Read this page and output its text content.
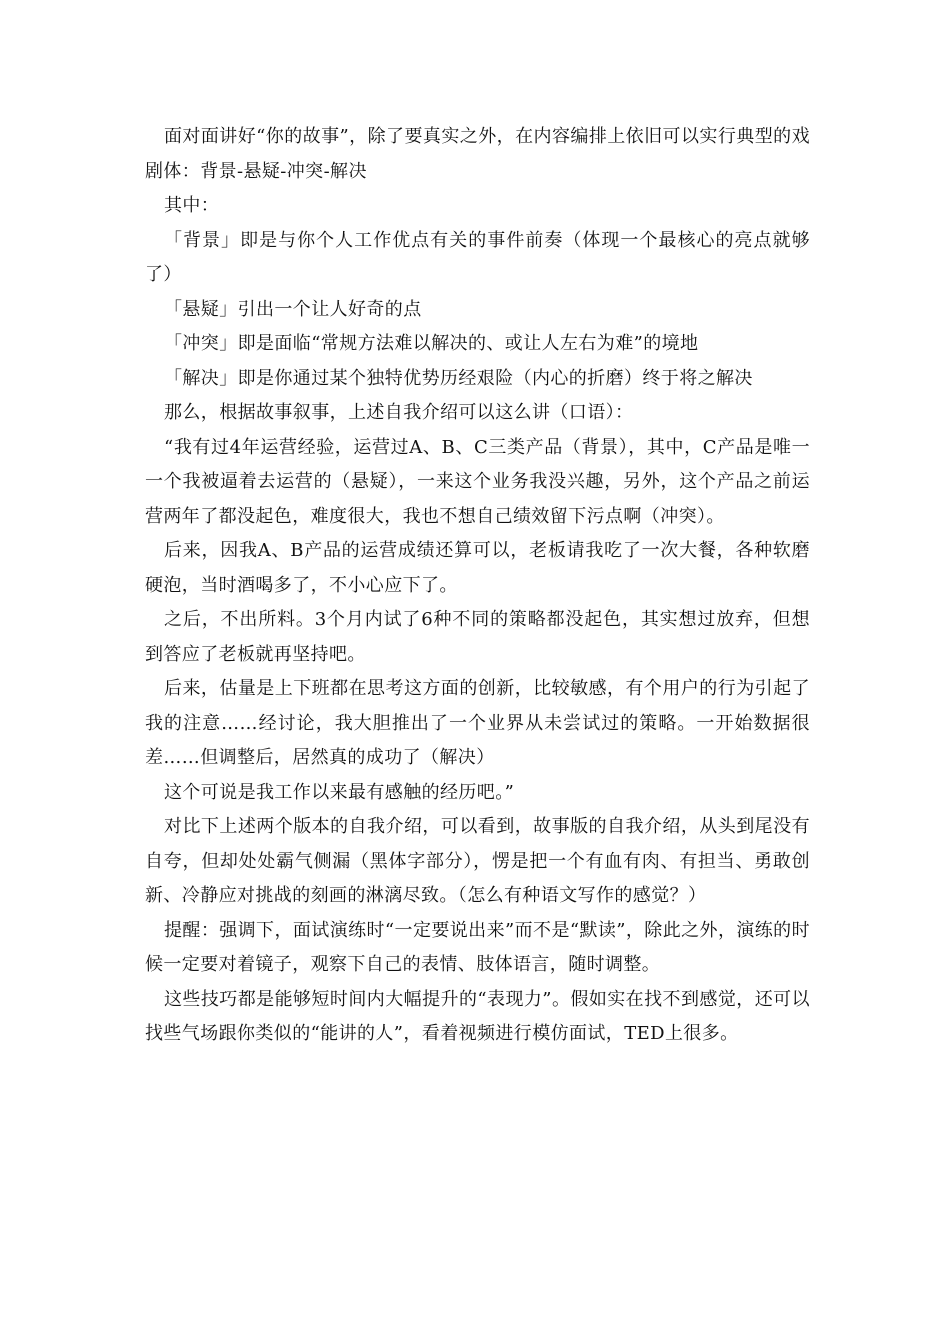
面对面讲好“你的故事”，除了要真实之外，在内容编排上依旧可以实行典型的戏剧体：背景-悬疑-冲突-解决

其中：

「背景」即是与你个人工作优点有关的事件前奏（体现一个最核心的亮点就够了）

「悬疑」引出一个让人好奇的点

「冲突」即是面临“常规方法难以解决的、或让人左右为难”的境地

「解决」即是你通过某个独特优势历经艰险（内心的折磨）终于将之解决

那么，根据故事叙事，上述自我介绍可以这么讲（口语）：

“我有过4年运营经验，运营过A、B、C三类产品（背景），其中，C产品是唯一一个我被逼着去运营的（悬疑），一来这个业务我没兴趣，另外，这个产品之前运营两年了都没起色，难度很大，我也不想自己绩效留下污点啊（冲突）。

后来，因我A、B产品的运营成绩还算可以，老板请我吃了一次大餐，各种软磨硬泡，当时酒喝多了，不小心应下了。

之后，不出所料。3个月内试了6种不同的策略都没起色，其实想过放弃，但想到答应了老板就再坚持吧。

后来，估量是上下班都在思考这方面的创新，比较敏感，有个用户的行为引起了我的注意……经讨论，我大胆推出了一个业界从未尝试过的策略。一开始数据很差……但调整后，居然真的成功了（解决）

这个可说是我工作以来最有感触的经历吧。”

对比下上述两个版本的自我介绍，可以看到，故事版的自我介绍，从头到尾没有自夸，但却处处霸气侧漏（黑体字部分），愣是把一个有血有肉、有担当、勇敢创新、冷静应对挑战的刻画的淋漓尽致。（怎么有种语文写作的感觉？）

提醒：强调下，面试演练时“一定要说出来”而不是“默读”，除此之外，演练的时候一定要对着镜子，观察下自己的表情、肢体语言，随时调整。

这些技巧都是能够短时间内大幅提升的“表现力”。假如实在找不到感觉，还可以找些气场跟你类似的“能讲的人”，看着视频进行模仿面试，TED上很多。
